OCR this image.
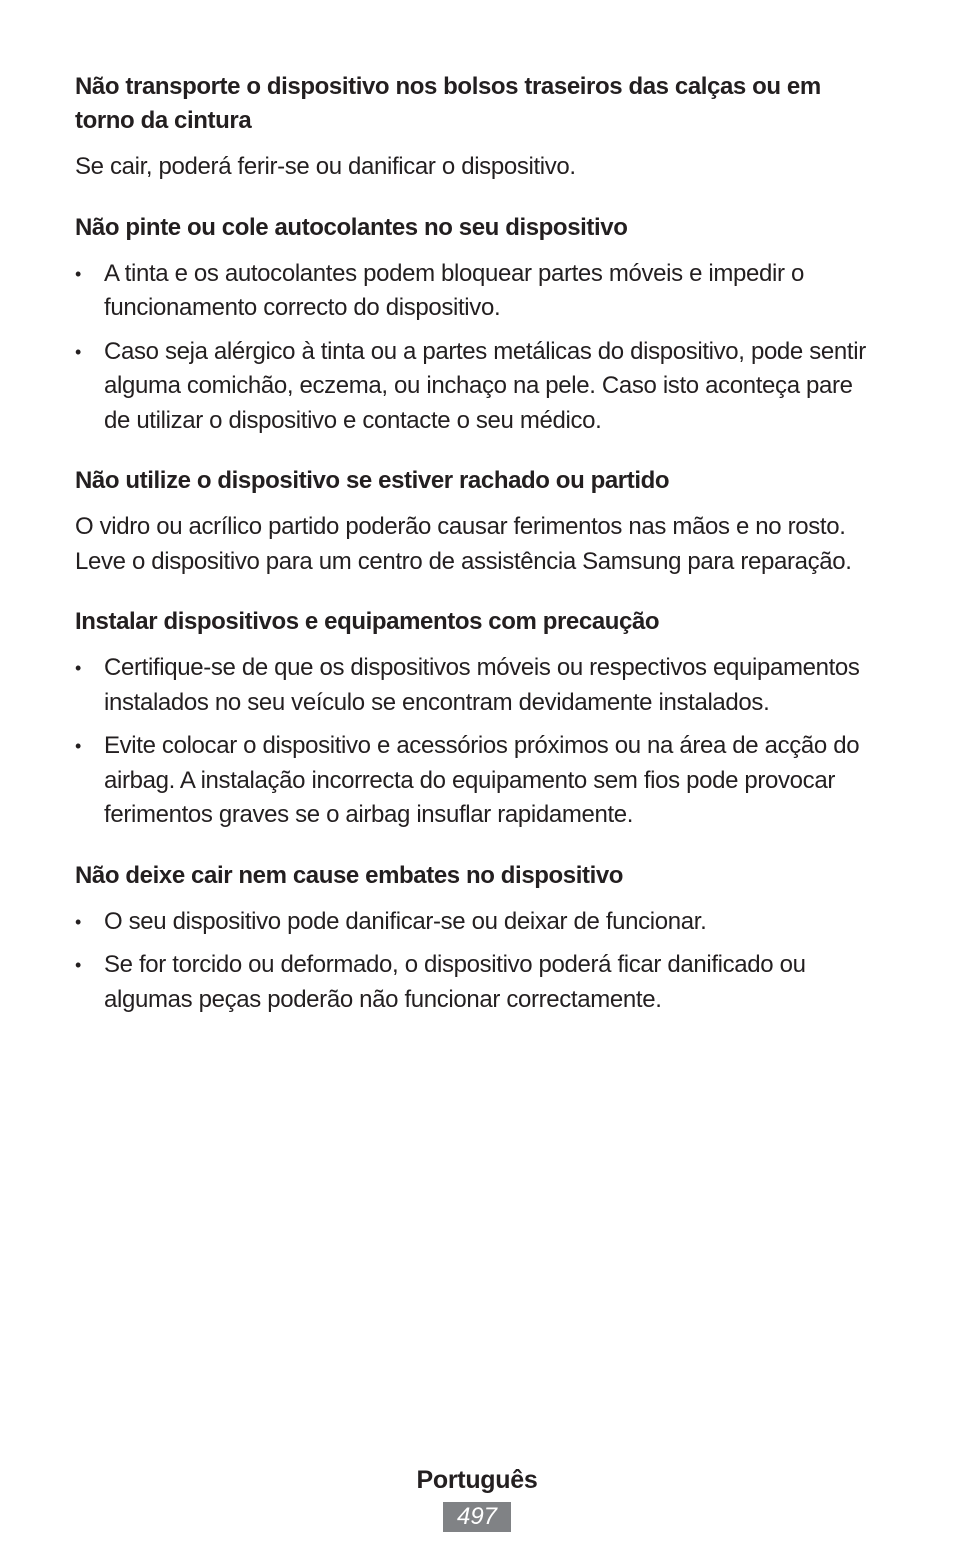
Não transporte o dispositivo nos bolsos traseiros das calças ou em torno da cintura

Se cair, poderá ferir-se ou danificar o dispositivo.

Não pinte ou cole autocolantes no seu dispositivo
• A tinta e os autocolantes podem bloquear partes móveis e impedir o funcionamento correcto do dispositivo.
• Caso seja alérgico à tinta ou a partes metálicas do dispositivo, pode sentir alguma comichão, eczema, ou inchaço na pele. Caso isto aconteça pare de utilizar o dispositivo e contacte o seu médico.
Não utilize o dispositivo se estiver rachado ou partido

O vidro ou acrílico partido poderão causar ferimentos nas mãos e no rosto. Leve o dispositivo para um centro de assistência Samsung para reparação.

Instalar dispositivos e equipamentos com precaução
• Certifique-se de que os dispositivos móveis ou respectivos equipamentos instalados no seu veículo se encontram devidamente instalados.
• Evite colocar o dispositivo e acessórios próximos ou na área de acção do airbag. A instalação incorrecta do equipamento sem fios pode provocar ferimentos graves se o airbag insuflar rapidamente.
Não deixe cair nem cause embates no dispositivo
• O seu dispositivo pode danificar-se ou deixar de funcionar.
• Se for torcido ou deformado, o dispositivo poderá ficar danificado ou algumas peças poderão não funcionar correctamente.
Português
497
